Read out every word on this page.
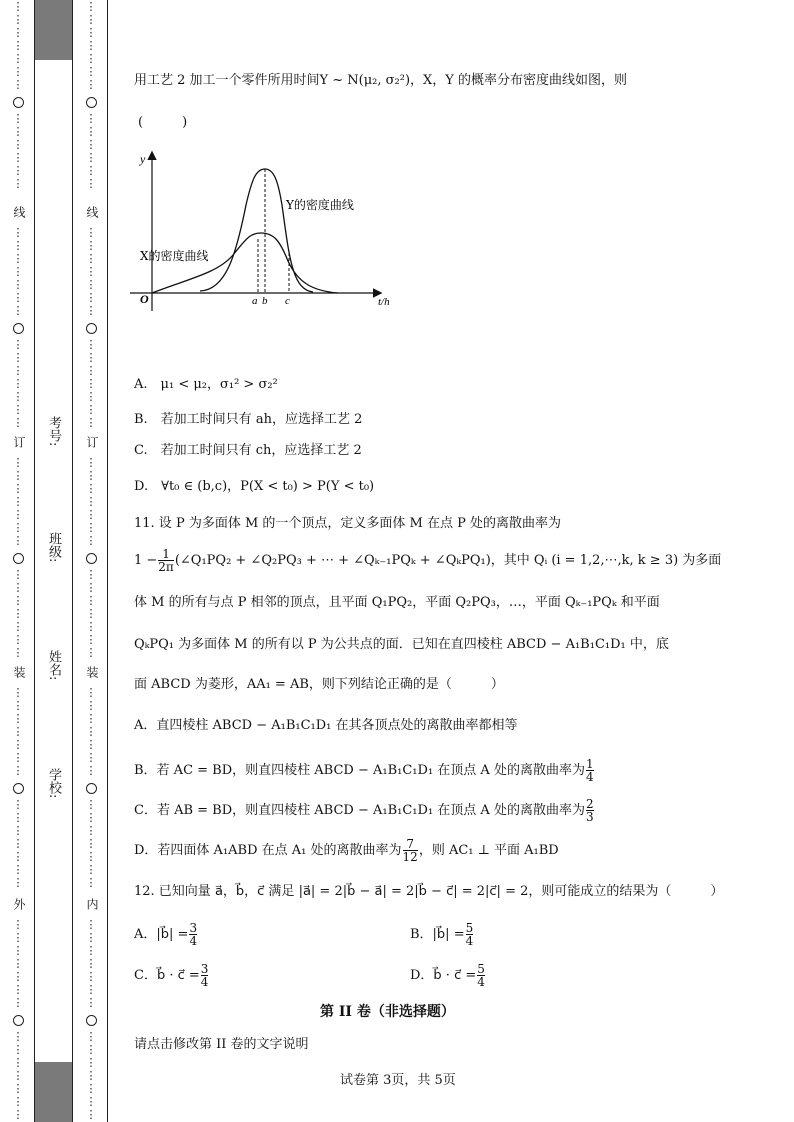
⋮
⋮
⋮
⋮
⋮
⋮
⋮
⋮
⋮
⋮
⋮
⋮
⋮
线
⋮
⋮
⋮
⋮
⋮
⋮
⋮
⋮
⋮
⋮
⋮
⋮
⋮
⋮
订
⋮
⋮
⋮
⋮
⋮
⋮
⋮
⋮
⋮
⋮
⋮
⋮
⋮
⋮
装
⋮
⋮
⋮
⋮
⋮
⋮
⋮
⋮
⋮
⋮
⋮
⋮
⋮
⋮
外
⋮
⋮
⋮
⋮
⋮
⋮
⋮
⋮
⋮
⋮
⋮
⋮
⋮
⋮
⋮
⋮
⋮
⋮
⋮
⋮
⋮
⋮
⋮
⋮
⋮
⋮
⋮
线
⋮
⋮
⋮
⋮
⋮
⋮
⋮
⋮
⋮
⋮
⋮
⋮
⋮
⋮
订
⋮
⋮
⋮
⋮
⋮
⋮
⋮
⋮
⋮
⋮
⋮
⋮
⋮
⋮
装
⋮
⋮
⋮
⋮
⋮
⋮
⋮
⋮
⋮
⋮
⋮
⋮
⋮
⋮
内
⋮
⋮
⋮
⋮
⋮
⋮
⋮
⋮
⋮
⋮
⋮
⋮
⋮
⋮
考号:
班级:
姓名:
学校:
用工艺 2 加工一个零件所用时间Y ~ N(μ₂, σ₂²)，X，Y 的概率分布密度曲线如图，则
(　　　)
y
t/h
O
Y的密度曲线
X的密度曲线
a b c
A.　μ₁ < μ₂，σ₁² > σ₂²
B.　若加工时间只有 ah，应选择工艺 2
C.　若加工时间只有 ch，应选择工艺 2
D.　∀t₀ ∈ (b,c)，P(X < t₀) > P(Y < t₀)
11. 设 P 为多面体 M 的一个顶点，定义多面体 M 在点 P 处的离散曲率为
$1 - \frac{1}{2\pi}$ (∠Q₁PQ₂ + ∠Q₂PQ₃ + ⋯ + ∠Qₖ₋₁PQₖ + ∠QₖPQ₁)，其中 Qᵢ (i = 1,2,⋯,k, k ≥ 3) 为多面
体 M 的所有与点 P 相邻的顶点，且平面 Q₁PQ₂，平面 Q₂PQ₃，…，平面 Qₖ₋₁PQₖ 和平面
QₖPQ₁ 为多面体 M 的所有以 P 为公共点的面．已知在直四棱柱 ABCD − A₁B₁C₁D₁ 中，底
面 ABCD 为菱形，AA₁ = AB，则下列结论正确的是（　　　）
A．直四棱柱 ABCD − A₁B₁C₁D₁ 在其各顶点处的离散曲率都相等
B．若 AC = BD，则直四棱柱 ABCD − A₁B₁C₁D₁ 在顶点 A 处的离散曲率为 $\frac{1}{4}$
C．若 AB = BD，则直四棱柱 ABCD − A₁B₁C₁D₁ 在顶点 A 处的离散曲率为 $\frac{2}{3}$
D．若四面体 A₁ABD 在点 A₁ 处的离散曲率为 $\frac{7}{12}$ ，则 AC₁ ⊥ 平面 A₁BD
12. 已知向量 a⃗，b⃗，c⃗ 满足 |a⃗| = 2|b⃗ − a⃗| = 2|b⃗ − c⃗| = 2|c⃗| = 2，则可能成立的结果为（　　　）
A．|b⃗| = $\frac{3}{4}$	B．|b⃗| = $\frac{5}{4}$
C．b⃗ · c⃗ = $\frac{3}{4}$	D．b⃗ · c⃗ = $\frac{5}{4}$
第 II 卷（非选择题）
请点击修改第 II 卷的文字说明
试卷第 3页，共 5页
